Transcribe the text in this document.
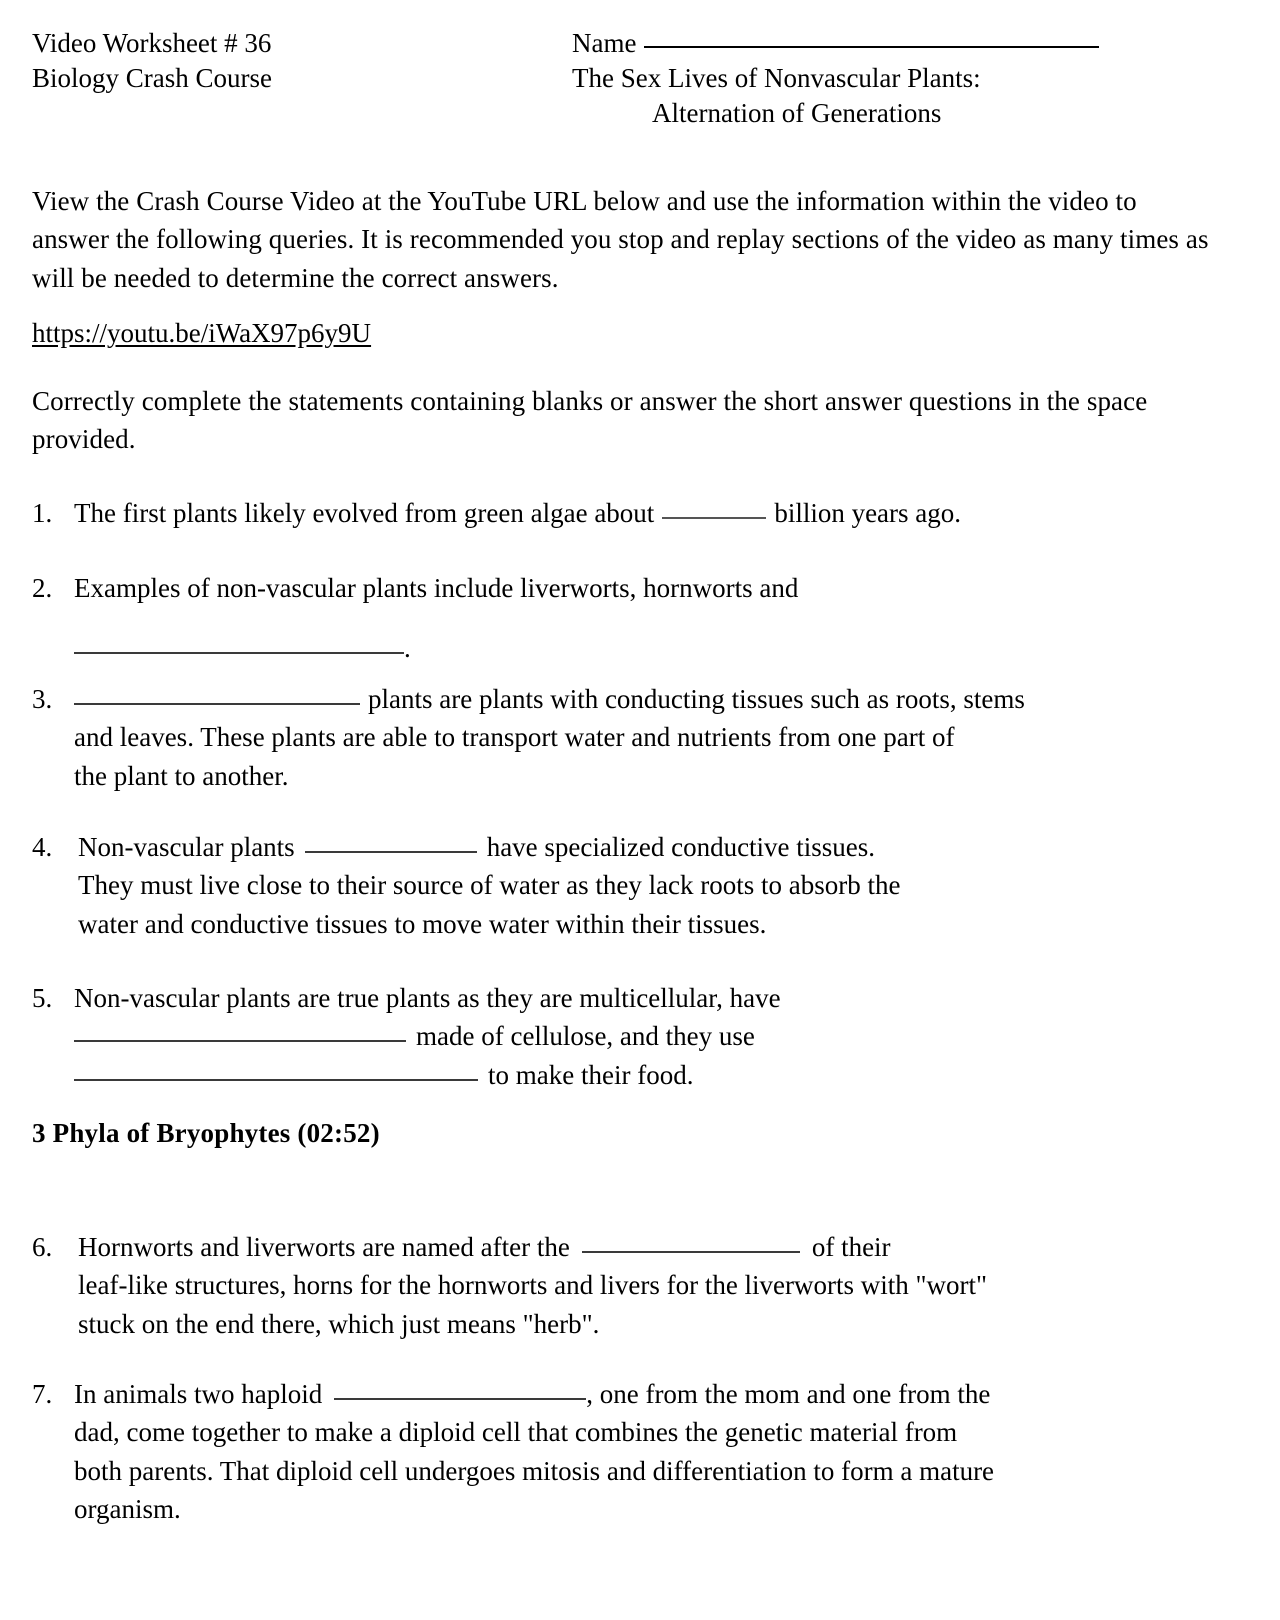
Video Worksheet # 36	Name
Biology Crash Course	The Sex Lives of Nonvascular Plants:
Alternation of Generations

View the Crash Course Video at the YouTube URL below and use the information within the video to answer the following queries. It is recommended you stop and replay sections of the video as many times as will be needed to determine the correct answers.

https://youtu.be/iWaX97p6y9U

Correctly complete the statements containing blanks or answer the short answer questions in the space provided.

1. The first plants likely evolved from green algae about	billion years ago.

2. Examples of non-vascular plants include liverworts, hornworts and

.

3.	plants are plants with conducting tissues such as roots, stems

and leaves. These plants are able to transport water and nutrients from one part of

the plant to another.

4. Non-vascular plants	have specialized conductive tissues.

They must live close to their source of water as they lack roots to absorb the

water and conductive tissues to move water within their tissues.

5. Non-vascular plants are true plants as they are multicellular, have

made of cellulose, and they use

to make their food.

3 Phyla of Bryophytes (02:52)
6. Hornworts and liverworts are named after the	of their

leaf-like structures, horns for the hornworts and livers for the liverworts with "wort"

stuck on the end there, which just means "herb".

7. In animals two haploid	, one from the mom and one from the

dad, come together to make a diploid cell that combines the genetic material from

both parents. That diploid cell undergoes mitosis and differentiation to form a mature

organism.
